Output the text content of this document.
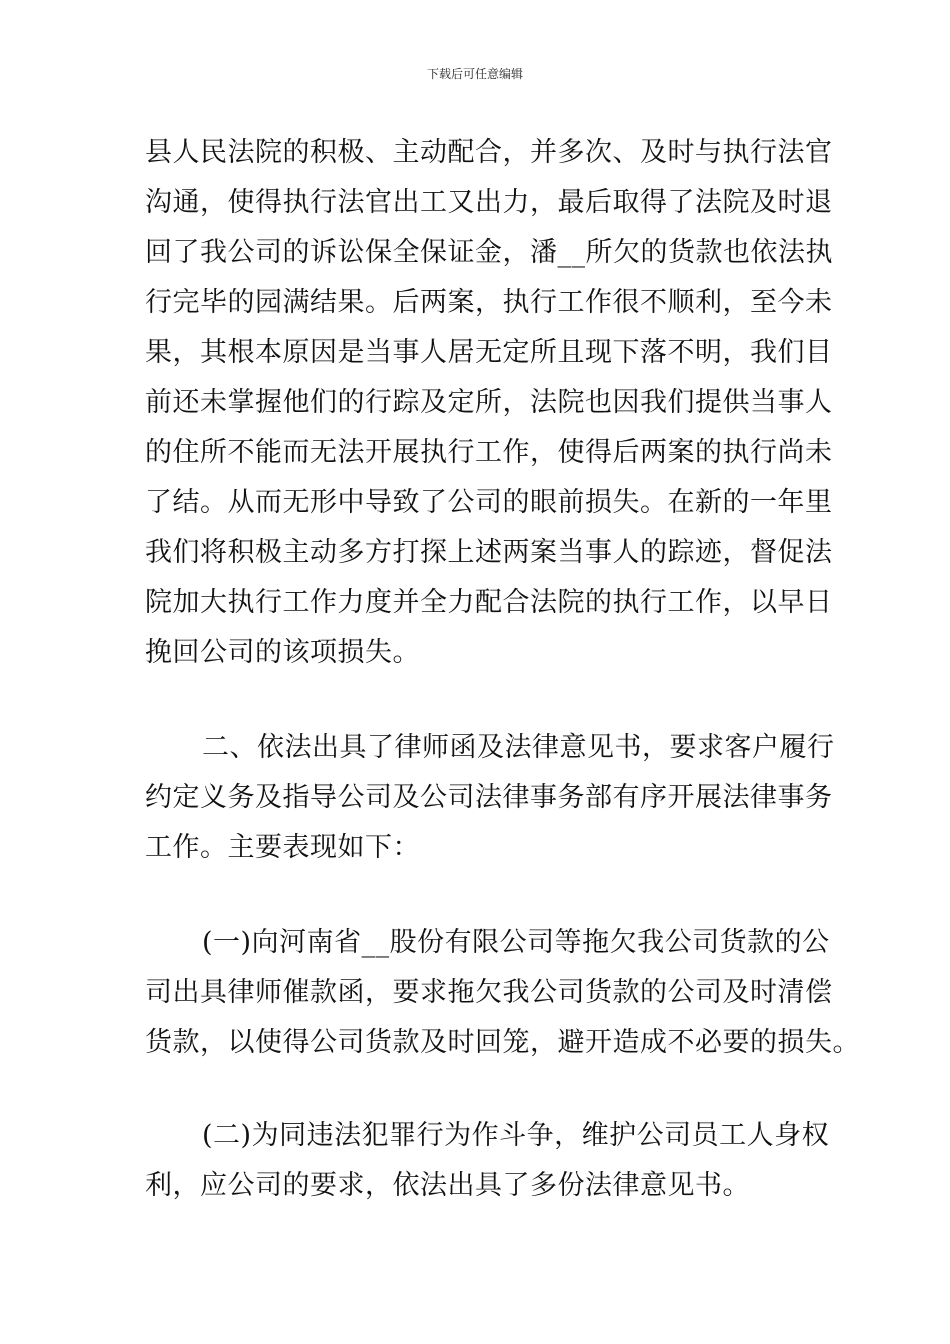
下载后可任意编辑
县人民法院的积极、主动配合，并多次、及时与执行法官
沟通，使得执行法官出工又出力，最后取得了法院及时退
回了我公司的诉讼保全保证金，潘__所欠的货款也依法执
行完毕的园满结果。后两案，执行工作很不顺利，至今未
果，其根本原因是当事人居无定所且现下落不明，我们目
前还未掌握他们的行踪及定所，法院也因我们提供当事人
的住所不能而无法开展执行工作，使得后两案的执行尚未
了结。从而无形中导致了公司的眼前损失。在新的一年里
我们将积极主动多方打探上述两案当事人的踪迹，督促法
院加大执行工作力度并全力配合法院的执行工作，以早日
挽回公司的该项损失。
二、依法出具了律师函及法律意见书，要求客户履行
约定义务及指导公司及公司法律事务部有序开展法律事务
工作。主要表现如下：
(一)向河南省__股份有限公司等拖欠我公司货款的公
司出具律师催款函，要求拖欠我公司货款的公司及时清偿
货款，以使得公司货款及时回笼，避开造成不必要的损失。
(二)为同违法犯罪行为作斗争，维护公司员工人身权
利，应公司的要求，依法出具了多份法律意见书。
